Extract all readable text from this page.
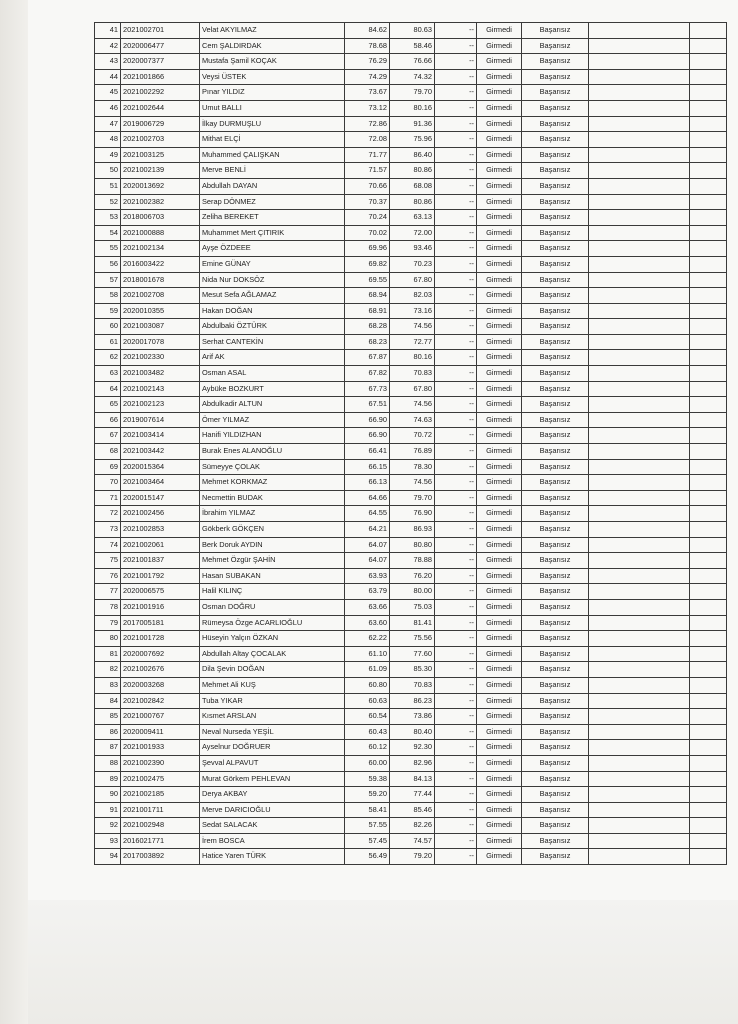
41	2021002701	Velat AKYILMAZ	84.62	80.63	--	Girmedi	Başarısız		
42	2020006477	Cem ŞALDIRDAK	78.68	58.46	--	Girmedi	Başarısız		
43	2020007377	Mustafa Şamil KOÇAK	76.29	76.66	--	Girmedi	Başarısız		
44	2021001866	Veysi ÜSTEK	74.29	74.32	--	Girmedi	Başarısız		
45	2021002292	Pınar YILDIZ	73.67	79.70	--	Girmedi	Başarısız		
46	2021002644	Umut BALLI	73.12	80.16	--	Girmedi	Başarısız		
47	2019006729	İlkay DURMUŞLU	72.86	91.36	--	Girmedi	Başarısız		
48	2021002703	Mithat ELÇİ	72.08	75.96	--	Girmedi	Başarısız		
49	2021003125	Muhammed ÇALIŞKAN	71.77	86.40	--	Girmedi	Başarısız		
50	2021002139	Merve BENLİ	71.57	80.86	--	Girmedi	Başarısız		
51	2020013692	Abdullah DAYAN	70.66	68.08	--	Girmedi	Başarısız		
52	2021002382	Serap DÖNMEZ	70.37	80.86	--	Girmedi	Başarısız		
53	2018006703	Zeliha BEREKET	70.24	63.13	--	Girmedi	Başarısız		
54	2021000888	Muhammet Mert ÇITIRIK	70.02	72.00	--	Girmedi	Başarısız		
55	2021002134	Ayşe ÖZDEEE	69.96	93.46	--	Girmedi	Başarısız		
56	2016003422	Emine GÜNAY	69.82	70.23	--	Girmedi	Başarısız		
57	2018001678	Nida Nur DOKSÖZ	69.55	67.80	--	Girmedi	Başarısız		
58	2021002708	Mesut Sefa AĞLAMAZ	68.94	82.03	--	Girmedi	Başarısız		
59	2020010355	Hakan DOĞAN	68.91	73.16	--	Girmedi	Başarısız		
60	2021003087	Abdulbaki ÖZTÜRK	68.28	74.56	--	Girmedi	Başarısız		
61	2020017078	Serhat CANTEKİN	68.23	72.77	--	Girmedi	Başarısız		
62	2021002330	Arif AK	67.87	80.16	--	Girmedi	Başarısız		
63	2021003482	Osman ASAL	67.82	70.83	--	Girmedi	Başarısız		
64	2021002143	Aybüke BOZKURT	67.73	67.80	--	Girmedi	Başarısız		
65	2021002123	Abdulkadir ALTUN	67.51	74.56	--	Girmedi	Başarısız		
66	2019007614	Ömer YILMAZ	66.90	74.63	--	Girmedi	Başarısız		
67	2021003414	Hanifi YILDIZHAN	66.90	70.72	--	Girmedi	Başarısız		
68	2021003442	Burak Enes ALANOĞLU	66.41	76.89	--	Girmedi	Başarısız		
69	2020015364	Sümeyye ÇOLAK	66.15	78.30	--	Girmedi	Başarısız		
70	2021003464	Mehmet KORKMAZ	66.13	74.56	--	Girmedi	Başarısız		
71	2020015147	Necmettin BUDAK	64.66	79.70	--	Girmedi	Başarısız		
72	2021002456	İbrahim YILMAZ	64.55	76.90	--	Girmedi	Başarısız		
73	2021002853	Gökberk GÖKÇEN	64.21	86.93	--	Girmedi	Başarısız		
74	2021002061	Berk Doruk AYDIN	64.07	80.80	--	Girmedi	Başarısız		
75	2021001837	Mehmet Özgür ŞAHİN	64.07	78.88	--	Girmedi	Başarısız		
76	2021001792	Hasan SUBAKAN	63.93	76.20	--	Girmedi	Başarısız		
77	2020006575	Halil KILINÇ	63.79	80.00	--	Girmedi	Başarısız		
78	2021001916	Osman DOĞRU	63.66	75.03	--	Girmedi	Başarısız		
79	2017005181	Rümeysa Özge ACARLIOĞLU	63.60	81.41	--	Girmedi	Başarısız		
80	2021001728	Hüseyin Yalçın ÖZKAN	62.22	75.56	--	Girmedi	Başarısız		
81	2020007692	Abdullah Altay ÇOCALAK	61.10	77.60	--	Girmedi	Başarısız		
82	2021002676	Dila Şevin DOĞAN	61.09	85.30	--	Girmedi	Başarısız		
83	2020003268	Mehmet Ali KUŞ	60.80	70.83	--	Girmedi	Başarısız		
84	2021002842	Tuba YIKAR	60.63	86.23	--	Girmedi	Başarısız		
85	2021000767	Kısmet ARSLAN	60.54	73.86	--	Girmedi	Başarısız		
86	2020009411	Neval Nurseda YEŞİL	60.43	80.40	--	Girmedi	Başarısız		
87	2021001933	Ayselnur DOĞRUER	60.12	92.30	--	Girmedi	Başarısız		
88	2021002390	Şevval ALPAVUT	60.00	82.96	--	Girmedi	Başarısız		
89	2021002475	Murat Görkem PEHLEVAN	59.38	84.13	--	Girmedi	Başarısız		
90	2021002185	Derya AKBAY	59.20	77.44	--	Girmedi	Başarısız		
91	2021001711	Merve DARICIOĞLU	58.41	85.46	--	Girmedi	Başarısız		
92	2021002948	Sedat SALACAK	57.55	82.26	--	Girmedi	Başarısız		
93	2016021771	İrem BOSCA	57.45	74.57	--	Girmedi	Başarısız		
94	2017003892	Hatice Yaren TÜRK	56.49	79.20	--	Girmedi	Başarısız		
